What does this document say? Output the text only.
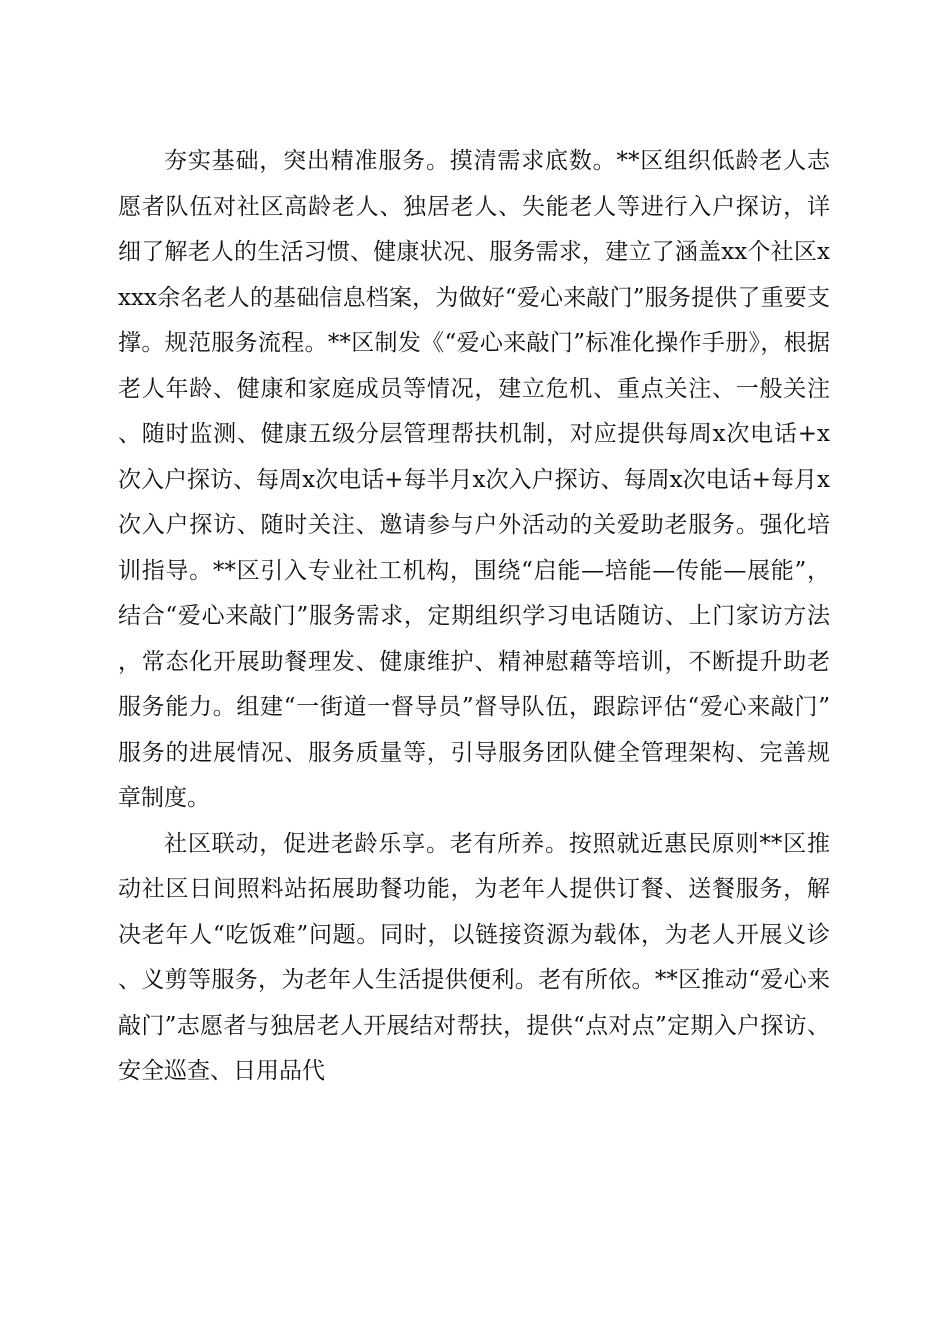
夯实基础，突出精准服务。摸清需求底数。**区组织低龄老人志愿者队伍对社区高龄老人、独居老人、失能老人等进行入户探访，详细了解老人的生活习惯、健康状况、服务需求，建立了涵盖xx个社区xxxx余名老人的基础信息档案，为做好“爱心来敲门”服务提供了重要支撑。规范服务流程。**区制发《“爱心来敲门”标准化操作手册》，根据老人年龄、健康和家庭成员等情况，建立危机、重点关注、一般关注、随时监测、健康五级分层管理帮扶机制，对应提供每周x次电话+x次入户探访、每周x次电话+每半月x次入户探访、每周x次电话+每月x次入户探访、随时关注、邀请参与户外活动的关爱助老服务。强化培训指导。**区引入专业社工机构，围绕“启能—培能—传能—展能”，结合“爱心来敲门”服务需求，定期组织学习电话随访、上门家访方法，常态化开展助餐理发、健康维护、精神慰藉等培训，不断提升助老服务能力。组建“一街道一督导员”督导队伍，跟踪评估“爱心来敲门”服务的进展情况、服务质量等，引导服务团队健全管理架构、完善规章制度。

社区联动，促进老龄乐享。老有所养。按照就近惠民原则**区推动社区日间照料站拓展助餐功能，为老年人提供订餐、送餐服务，解决老年人“吃饭难”问题。同时，以链接资源为载体，为老人开展义诊、义剪等服务，为老年人生活提供便利。老有所依。**区推动“爱心来敲门”志愿者与独居老人开展结对帮扶，提供“点对点”定期入户探访、安全巡查、日用品代
